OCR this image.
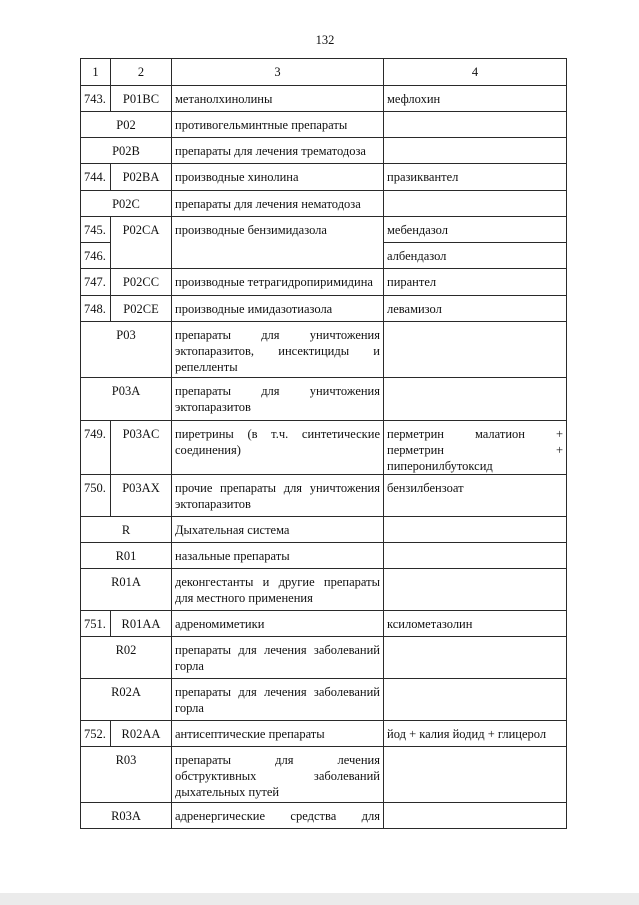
132
1	2	3	4
743.	P01BC	метанолхинолины	мефлохин
P02		противогельминтные препараты	
P02B		препараты для лечения трематодоза	
744.	P02BA	производные хинолина	празиквантел
P02C		препараты для лечения нематодоза	
745.	P02CA	производные бензимидазола	мебендазол
746.			албендазол
747.	P02CC	производные тетрагидропиримидина	пирантел
748.	P02CE	производные имидазотиазола	левамизол
P03		препараты для уничтожения эктопаразитов, инсектициды и репелленты	
P03A		препараты для уничтожения эктопаразитов	
749.	P03AC	пиретрины (в т.ч. синтетические соединения)	перметрин малатион +
перметрин +
пиперонилбутоксид
750.	P03AX	прочие препараты для уничтожения эктопаразитов	бензилбензоат
R		Дыхательная система	
R01		назальные препараты	
R01A		деконгестанты и другие препараты для местного применения	
751.	R01AA	адреномиметики	ксилометазолин
R02		препараты для лечения заболеваний горла	
R02A		препараты для лечения заболеваний горла	
752.	R02AA	антисептические препараты	йод + калия йодид + глицерол
R03		препараты для лечения обструктивных заболеваний дыхательных путей	
R03A		адренергические средства для	
